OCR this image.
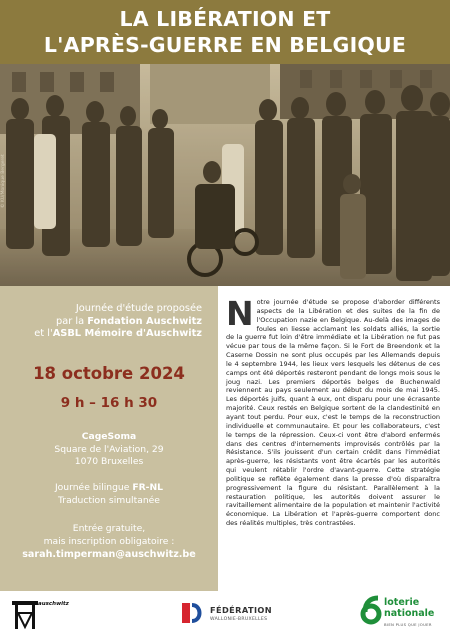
LA LIBÉRATION ET
L'APRÈS-GUERRE EN BELGIQUE
© KU/Monique Bergeret
Journée d'étude proposée
par la Fondation Auschwitz
et l'ASBL Mémoire d'Auschwitz
18 octobre 2024
9 h – 16 h 30
CageSoma
Square de l'Aviation, 29
1070 Bruxelles
Journée bilingue FR-NL
Traduction simultanée
Entrée gratuite,
mais inscription obligatoire :
sarah.timperman@auschwitz.be
Notre journée d'étude se propose d'aborder différents aspects de la Libération et des suites de la fin de l'Occupation nazie en Belgique. Au-delà des images de foules en liesse acclamant les soldats alliés, la sortie de la guerre fut loin d'être immédiate et la Libération ne fut pas vécue par tous de la même façon. Si le Fort de Breendonk et la Caserne Dossin ne sont plus occupés par les Allemands depuis le 4 septembre 1944, les lieux vers lesquels les détenus de ces camps ont été déportés resteront pendant de longs mois sous le joug nazi. Les premiers déportés belges de Buchenwald reviennent au pays seulement au début du mois de mai 1945. Les déportés juifs, quant à eux, ont disparu pour une écrasante majorité. Ceux restés en Belgique sortent de la clandestinité en ayant tout perdu. Pour eux, c'est le temps de la reconstruction individuelle et communautaire. Et pour les collaborateurs, c'est le temps de la répression. Ceux-ci vont être d'abord enfermés dans des centres d'internements improvisés contrôlés par la Résistance. S'ils jouissent d'un certain crédit dans l'immédiat après-guerre, les résistants vont être écartés par les autorités qui veulent rétablir l'ordre d'avant-guerre. Cette stratégie politique se reflète également dans la presse d'où disparaîtra progressivement la figure du résistant. Parallèlement à la restauration politique, les autorités doivent assurer le ravitaillement alimentaire de la population et maintenir l'activité économique. La Libération et l'après-guerre comportent donc des réalités multiples, très contrastées.
auschwitz
FÉDÉRATION
WALLONIE-BRUXELLES
loterie
nationale
BIEN PLUS QUE JOUER
